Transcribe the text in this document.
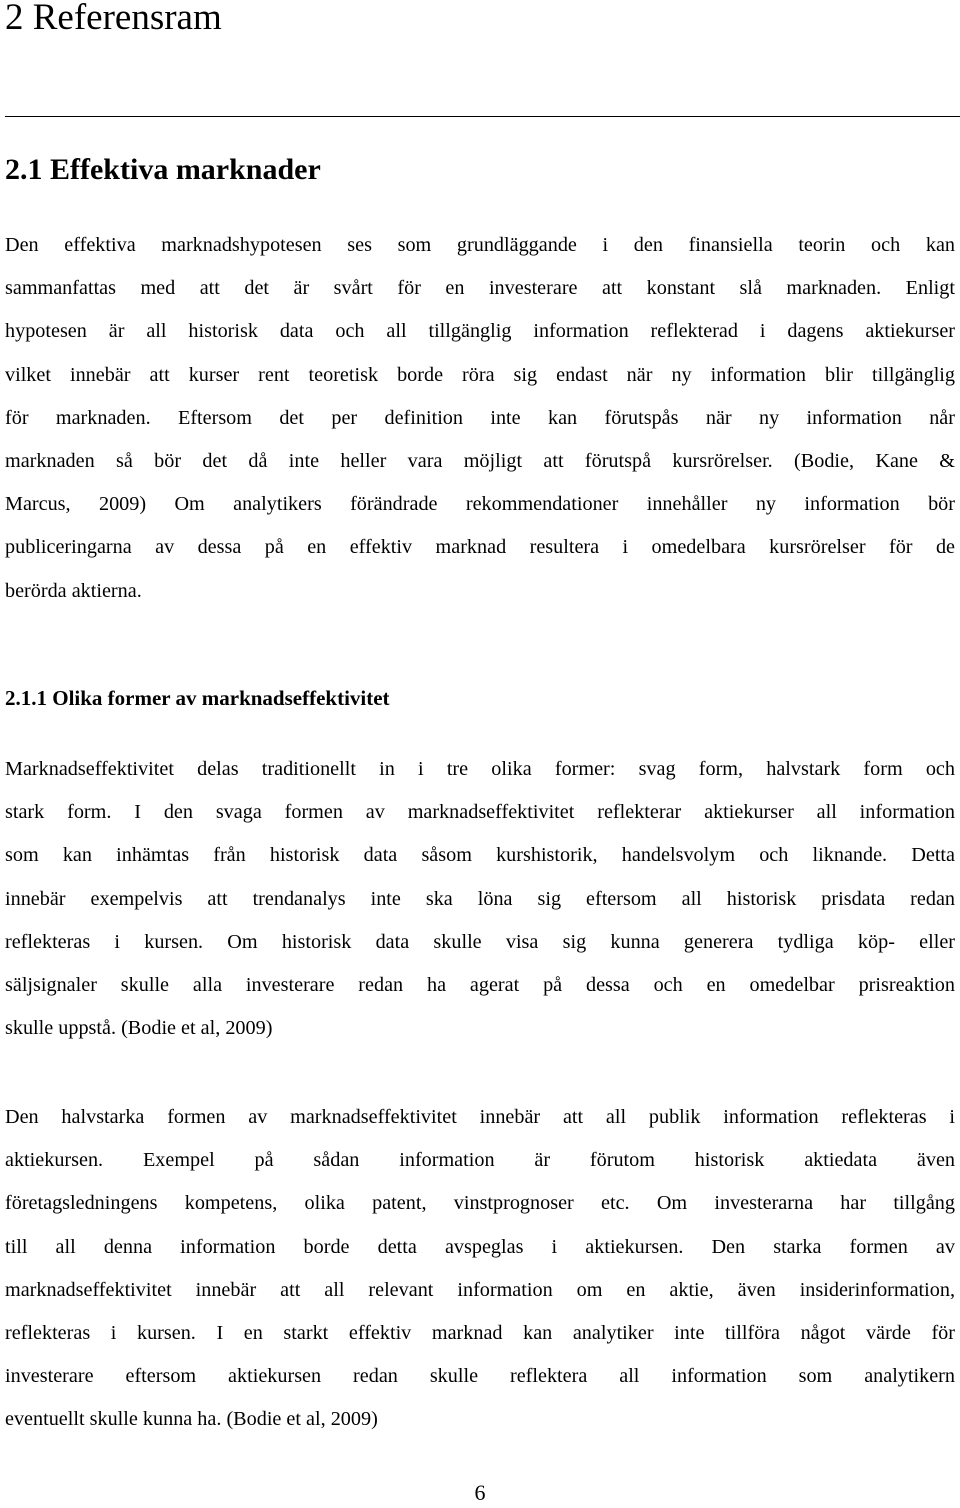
2 Referensram
2.1 Effektiva marknader
Den effektiva marknadshypotesen ses som grundläggande i den finansiella teorin och kan
sammanfattas med att det är svårt för en investerare att konstant slå marknaden. Enligt
hypotesen är all historisk data och all tillgänglig information reflekterad i dagens aktiekurser
vilket innebär att kurser rent teoretisk borde röra sig endast när ny information blir tillgänglig
för marknaden. Eftersom det per definition inte kan förutspås när ny information når
marknaden så bör det då inte heller vara möjligt att förutspå kursrörelser. (Bodie, Kane &
Marcus, 2009) Om analytikers förändrade rekommendationer innehåller ny information bör
publiceringarna av dessa på en effektiv marknad resultera i omedelbara kursrörelser för de
berörda aktierna.
2.1.1 Olika former av marknadseffektivitet
Marknadseffektivitet delas traditionellt in i tre olika former: svag form, halvstark form och
stark form. I den svaga formen av marknadseffektivitet reflekterar aktiekurser all information
som kan inhämtas från historisk data såsom kurshistorik, handelsvolym och liknande. Detta
innebär exempelvis att trendanalys inte ska löna sig eftersom all historisk prisdata redan
reflekteras i kursen. Om historisk data skulle visa sig kunna generera tydliga köp- eller
säljsignaler skulle alla investerare redan ha agerat på dessa och en omedelbar prisreaktion
skulle uppstå. (Bodie et al, 2009)
Den halvstarka formen av marknadseffektivitet innebär att all publik information reflekteras i
aktiekursen. Exempel på sådan information är förutom historisk aktiedata även
företagsledningens kompetens, olika patent, vinstprognoser etc. Om investerarna har tillgång
till all denna information borde detta avspeglas i aktiekursen. Den starka formen av
marknadseffektivitet innebär att all relevant information om en aktie, även insiderinformation,
reflekteras i kursen. I en starkt effektiv marknad kan analytiker inte tillföra något värde för
investerare eftersom aktiekursen redan skulle reflektera all information som analytikern
eventuellt skulle kunna ha. (Bodie et al, 2009)
6
